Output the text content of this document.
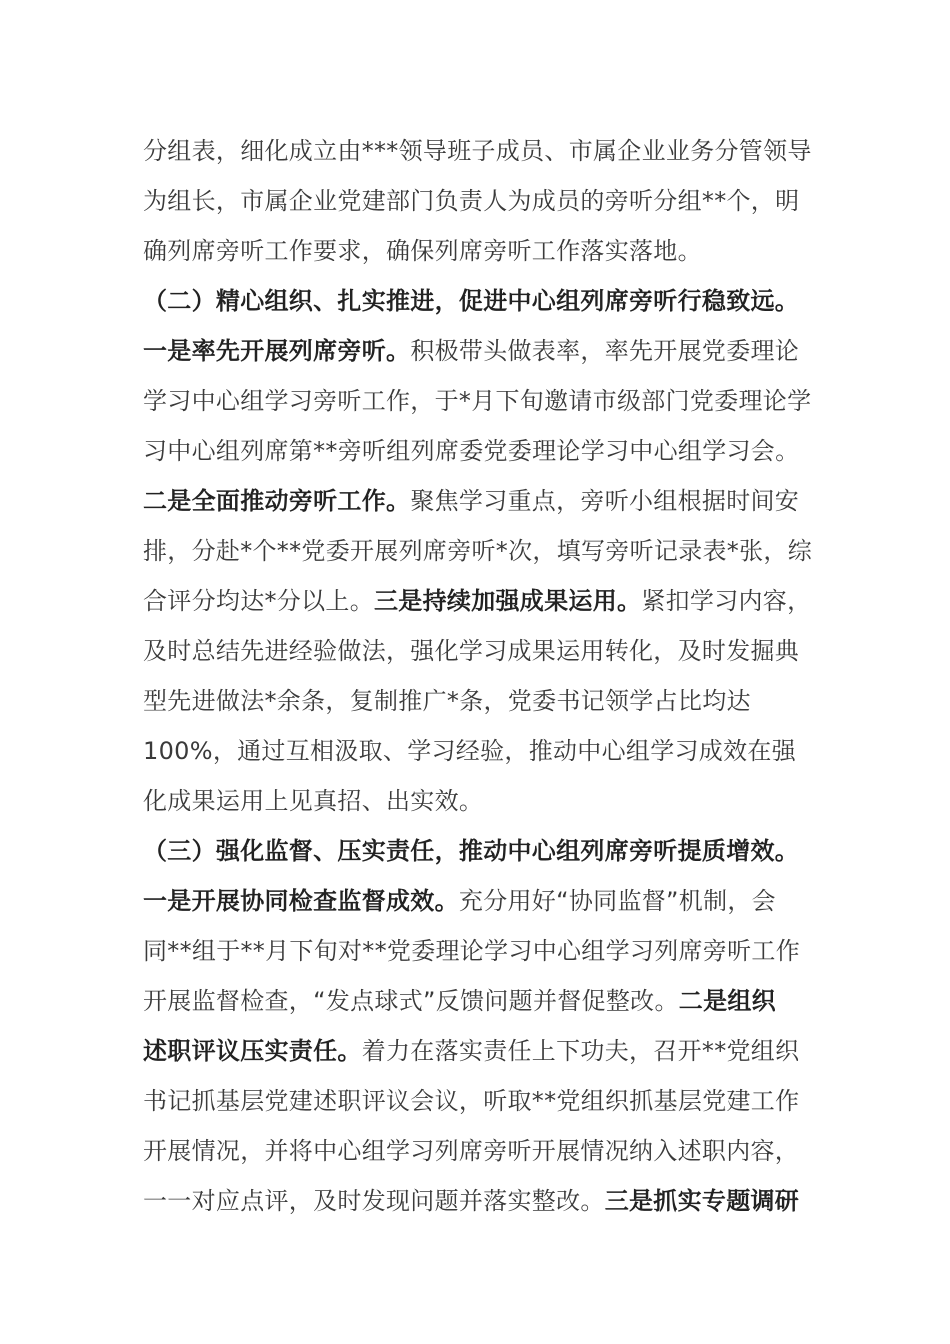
分组表，细化成立由***领导班子成员、市属企业业务分管领导
为组长，市属企业党建部门负责人为成员的旁听分组**个，明
确列席旁听工作要求，确保列席旁听工作落实落地。
（二）精心组织、扎实推进，促进中心组列席旁听行稳致远。
一是率先开展列席旁听。积极带头做表率，率先开展党委理论
学习中心组学习旁听工作，于*月下旬邀请市级部门党委理论学
习中心组列席第**旁听组列席委党委理论学习中心组学习会。
二是全面推动旁听工作。聚焦学习重点，旁听小组根据时间安
排，分赴*个**党委开展列席旁听*次，填写旁听记录表*张，综
合评分均达*分以上。三是持续加强成果运用。紧扣学习内容，
及时总结先进经验做法，强化学习成果运用转化，及时发掘典
型先进做法*余条，复制推广*条，党委书记领学占比均达
100%，通过互相汲取、学习经验，推动中心组学习成效在强
化成果运用上见真招、出实效。
（三）强化监督、压实责任，推动中心组列席旁听提质增效。
一是开展协同检查监督成效。充分用好“协同监督”机制，会
同**组于**月下旬对**党委理论学习中心组学习列席旁听工作
开展监督检查，“发点球式”反馈问题并督促整改。二是组织
述职评议压实责任。着力在落实责任上下功夫，召开**党组织
书记抓基层党建述职评议会议，听取**党组织抓基层党建工作
开展情况，并将中心组学习列席旁听开展情况纳入述职内容，
一一对应点评，及时发现问题并落实整改。三是抓实专题调研
